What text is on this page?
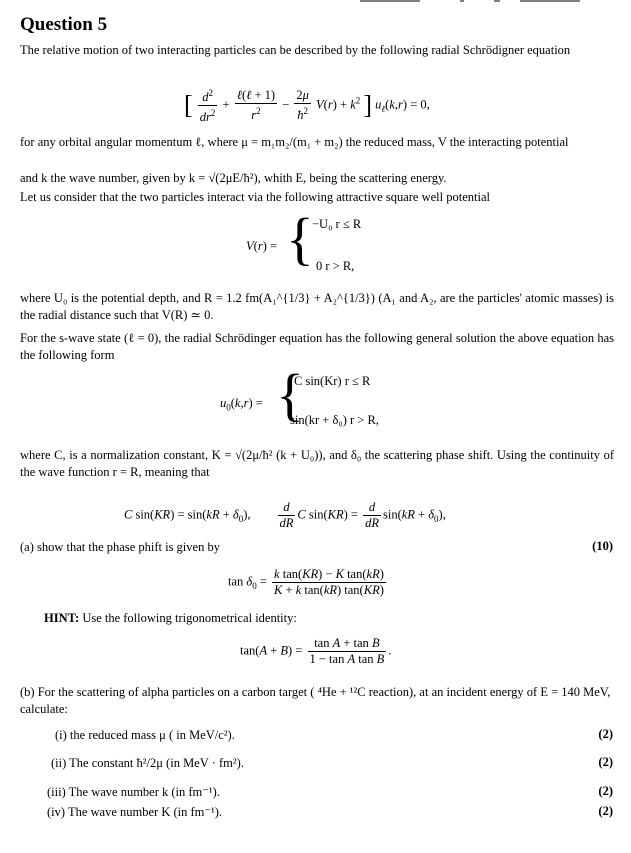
Question 5

The relative motion of two interacting particles can be described by the following radial Schrödigner equation

[ $\frac{d^2}{dr^2} + \frac{\text{ℓ(ℓ + 1)}}{r^2} - \frac{2\mu}{ħ^2} V(r) + k^2$ ] $u_\ell(k,r) = 0$,

for any orbital angular momentum ℓ, where μ = m₁m₂/(m₁ + m₂) the reduced mass, V the interacting potential

and k the wave number, given by k = √(2μE/ħ²), whith E, being the scattering energy.

Let us consider that the two particles interact via the following attractive square well potential

V(r) = {
−U₀ r ≤ R
0 r > R,

where U₀ is the potential depth, and R = 1.2 fm(A₁^{1/3} + A₂^{1/3}) (A₁ and A₂, are the particles' atomic masses) is the radial distance such that V(R) ≃ 0.

For the s-wave state (ℓ = 0), the radial Schrödinger equation has the following general solution the above equation has the following form

$u_0(k,r)$ = {
C sin(Kr) r ≤ R
sin(kr + δ₀) r > R,

where C, is a normalization constant, K = √(2μ/ħ² (k + U₀)), and δ₀ the scattering phase shift. Using the continuity of the wave function r = R, meaning that

C $\sin(KR) = \sin(kR + \delta_0)$, $\frac{d}{dR}$ C $\sin(KR) = \frac{d}{dR} \sin(kR + \delta_0)$,
(a) show that the phase phift is given by	(10)
$\tan \delta_0 = \frac{\text{k tan(KR) − K tan(kR)}}{\text{K + k tan(kR) tan(KR)}}$
HINT: Use the following trigonometrical identity:
$\tan(A + B) = \frac{\text{tan A + tan B}}{\text{1 − tan A tan B}}$ .

(b) For the scattering of alpha particles on a carbon target ( ⁴He + ¹²C reaction), at an incident energy of E = 140 MeV, calculate:

(i) the reduced mass μ ( in MeV/c²).	(2)
(ii) The constant ħ²/2μ (in MeV · fm²).	(2)
(iii) The wave number k (in fm⁻¹).	(2)
(iv) The wave number K (in fm⁻¹).	(2)
